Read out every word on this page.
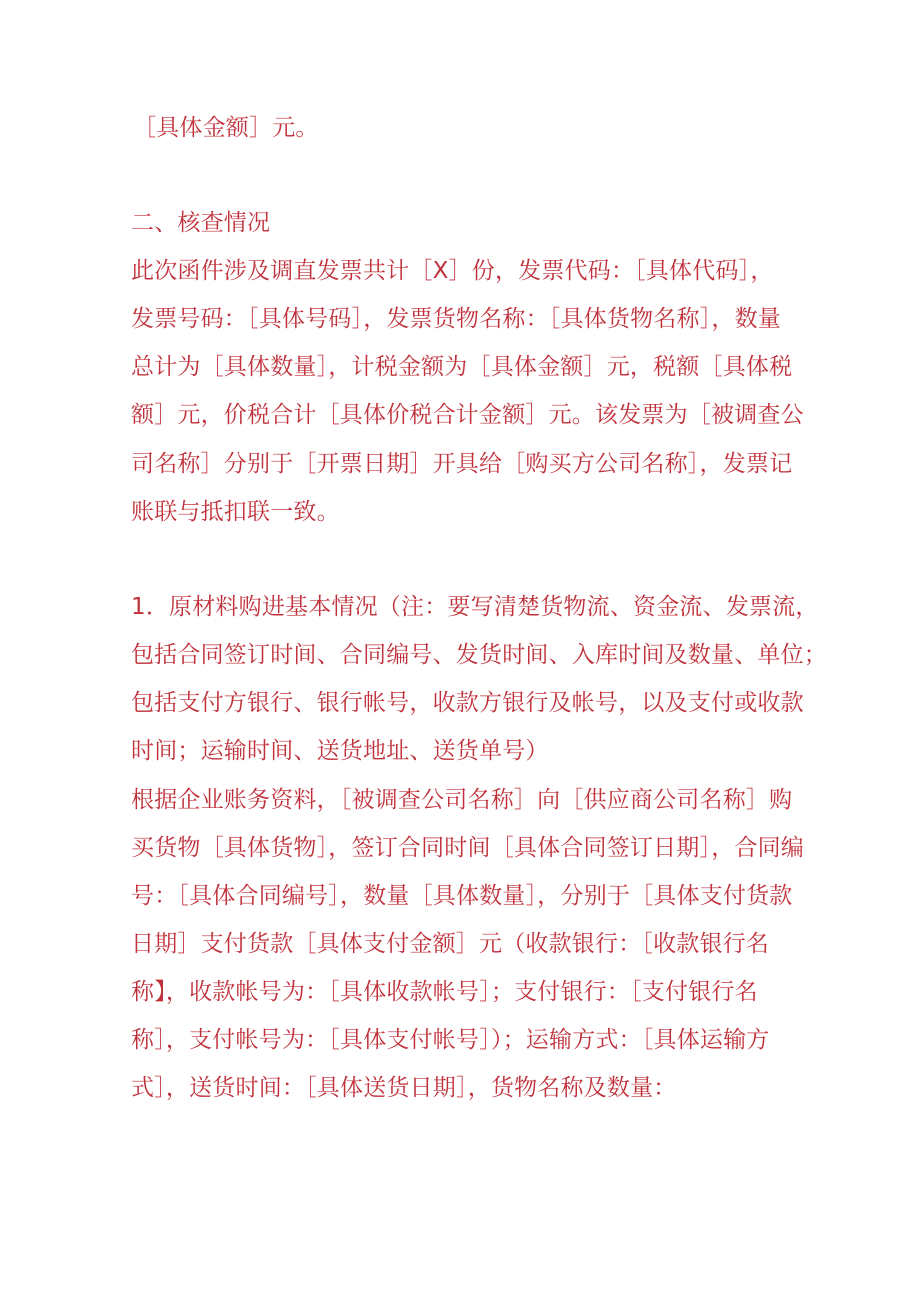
［具体金额］元。
二、核查情况
此次函件涉及调直发票共计［X］份，发票代码：［具体代码］，
发票号码：［具体号码］，发票货物名称：［具体货物名称］，数量
总计为［具体数量］，计税金额为［具体金额］元，税额［具体税
额］元，价税合计［具体价税合计金额］元。该发票为［被调查公
司名称］分别于［开票日期］开具给［购买方公司名称］，发票记
账联与抵扣联一致。
1．原材料购进基本情况（注：要写清楚货物流、资金流、发票流，
包括合同签订时间、合同编号、发货时间、入库时间及数量、单位；
包括支付方银行、银行帐号，收款方银行及帐号，以及支付或收款
时间；运输时间、送货地址、送货单号）
根据企业账务资料，［被调查公司名称］向［供应商公司名称］购
买货物［具体货物］，签订合同时间［具体合同签订日期］，合同编
号：［具体合同编号］，数量［具体数量］，分别于［具体支付货款
日期］支付货款［具体支付金额］元（收款银行：［收款银行名
称】，收款帐号为：［具体收款帐号］；支付银行：［支付银行名
称］，支付帐号为：［具体支付帐号］）；运输方式：［具体运输方
式］，送货时间：［具体送货日期］，货物名称及数量：
